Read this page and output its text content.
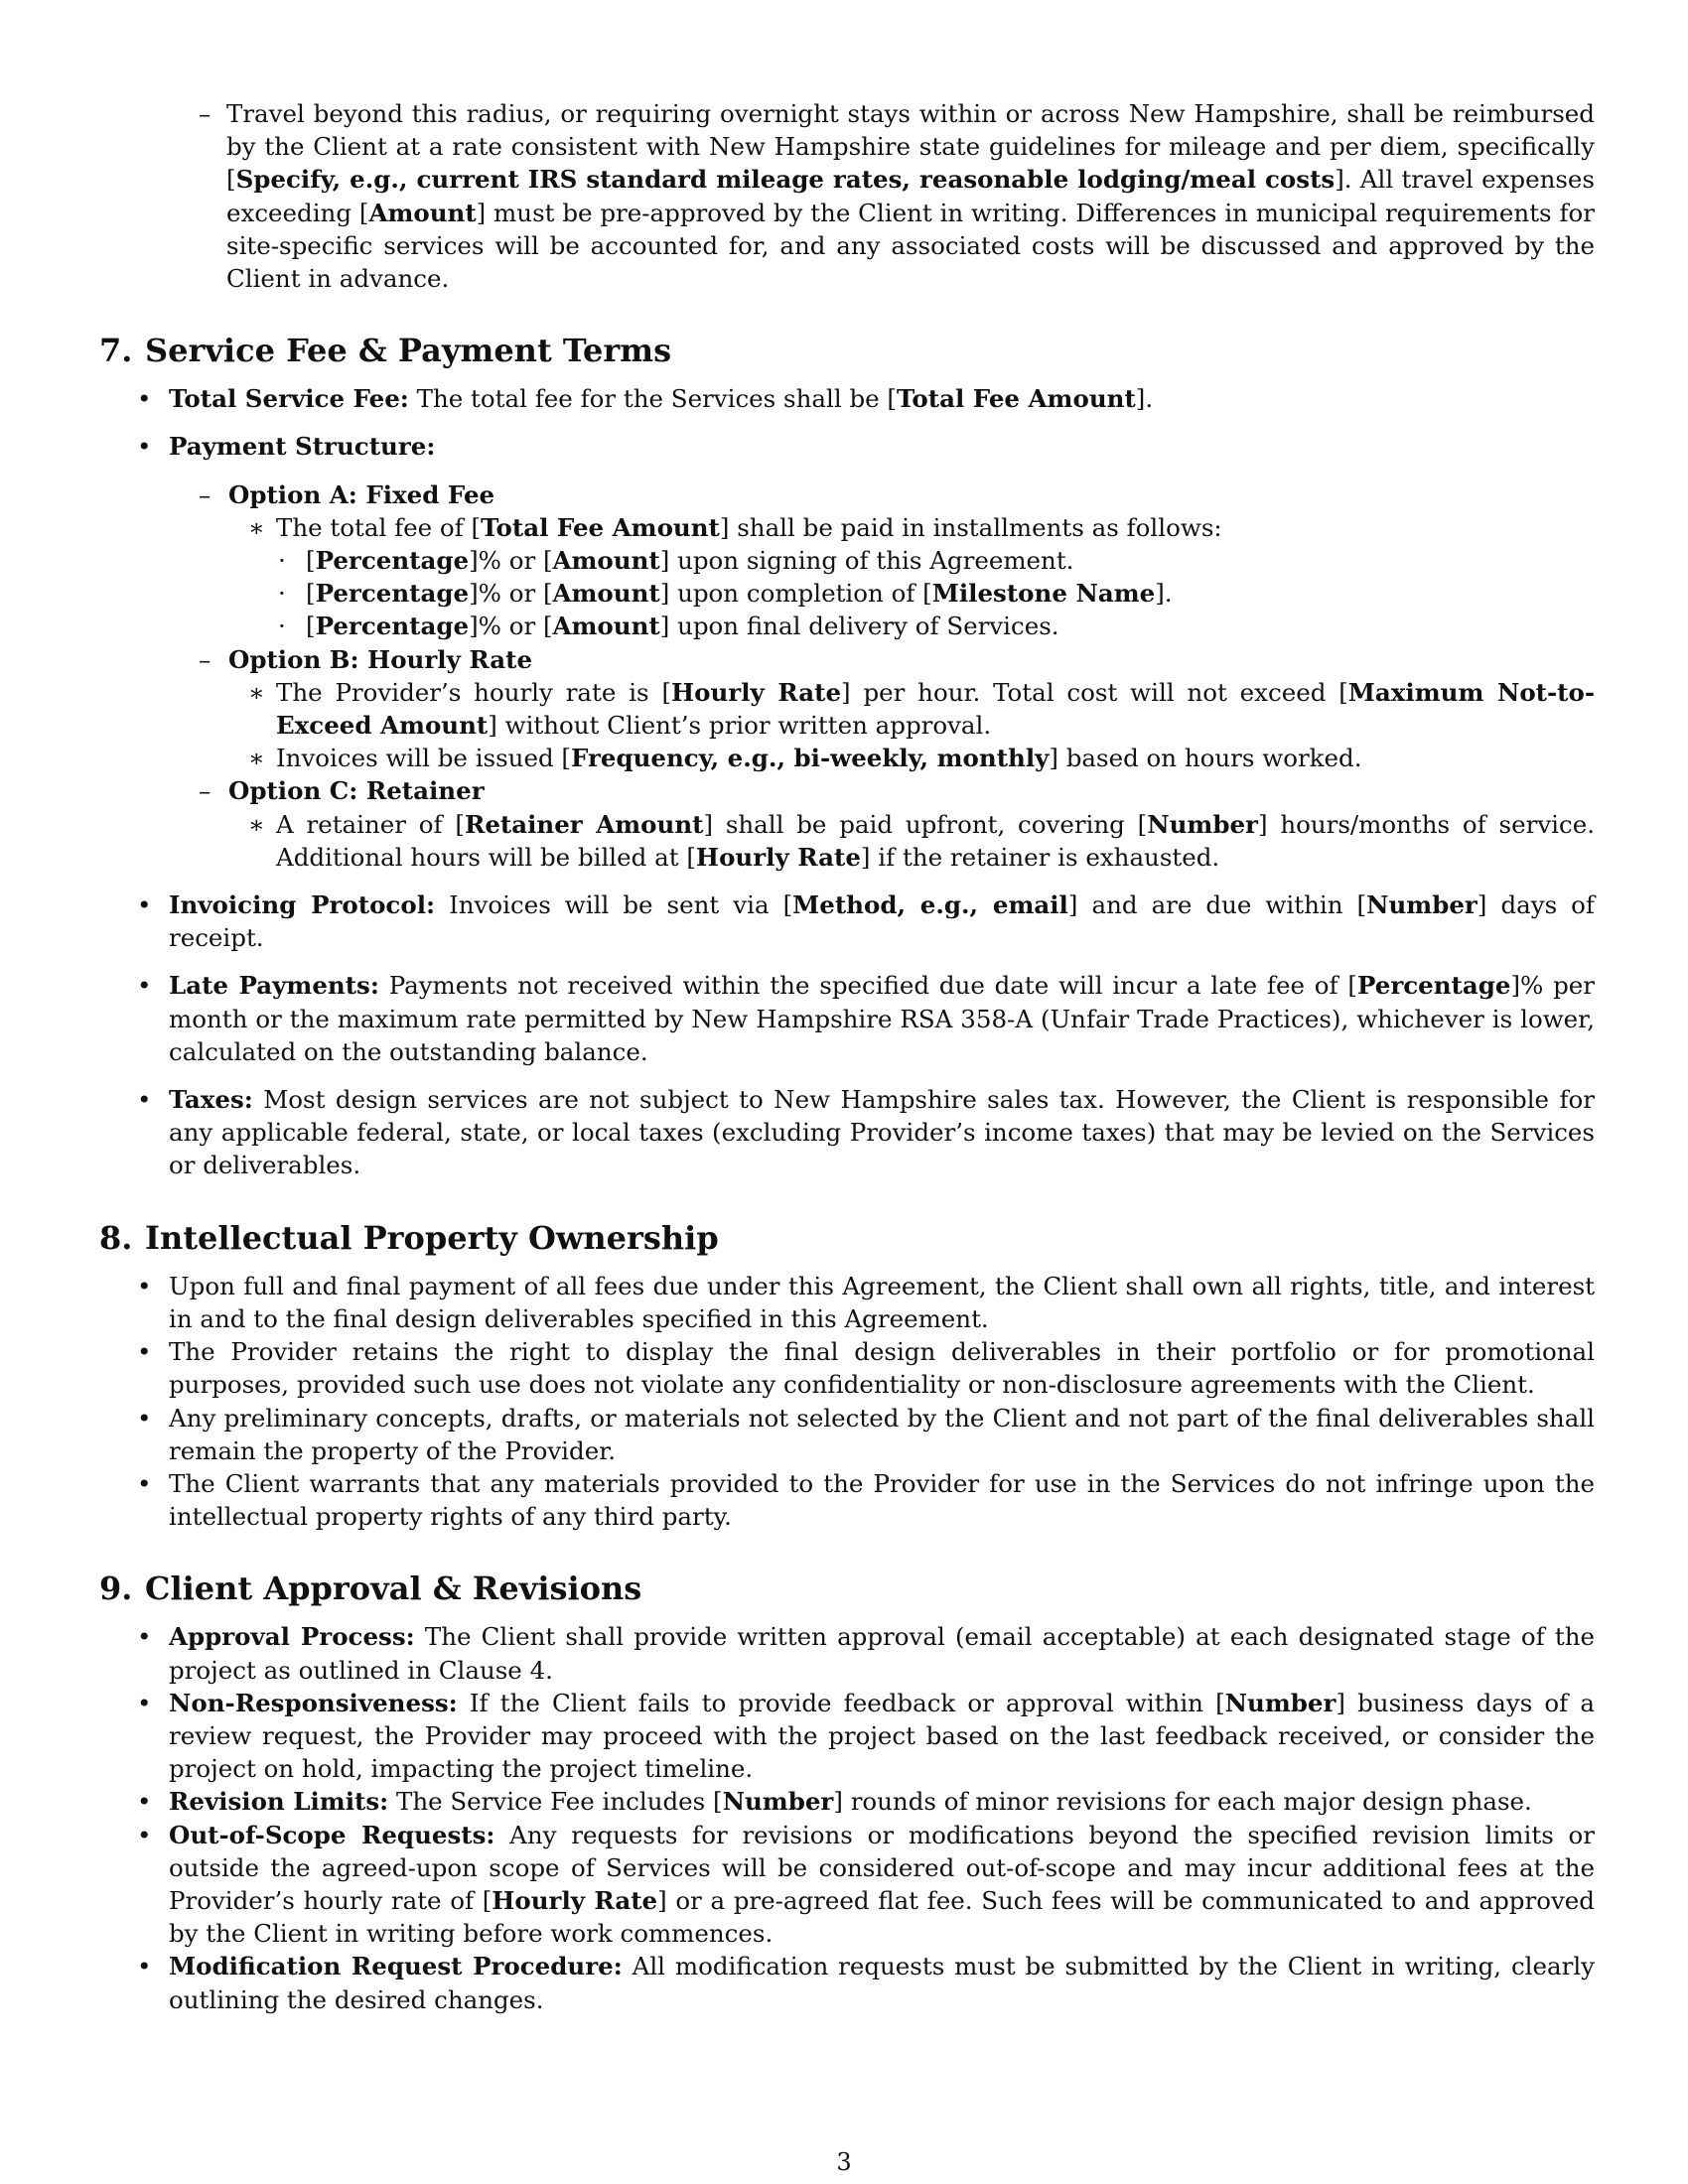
– Travel beyond this radius, or requiring overnight stays within or across New Hampshire, shall be reimbursed by the Client at a rate consistent with New Hampshire state guidelines for mileage and per diem, specifically [Specify, e.g., current IRS standard mileage rates, reasonable lodging/meal costs]. All travel expenses exceeding [Amount] must be pre-approved by the Client in writing. Differences in municipal requirements for site-specific services will be accounted for, and any associated costs will be discussed and approved by the Client in advance.

7. Service Fee & Payment Terms
• Total Service Fee: The total fee for the Services shall be [Total Fee Amount].
• Payment Structure:
– Option A: Fixed Fee
∗ The total fee of [Total Fee Amount] shall be paid in installments as follows:
· [Percentage]% or [Amount] upon signing of this Agreement.
· [Percentage]% or [Amount] upon completion of [Milestone Name].
· [Percentage]% or [Amount] upon final delivery of Services.
– Option B: Hourly Rate
∗ The Provider’s hourly rate is [Hourly Rate] per hour. Total cost will not exceed [Maximum Not-to-Exceed Amount] without Client’s prior written approval.
∗ Invoices will be issued [Frequency, e.g., bi-weekly, monthly] based on hours worked.
– Option C: Retainer
∗ A retainer of [Retainer Amount] shall be paid upfront, covering [Number] hours/months of service. Additional hours will be billed at [Hourly Rate] if the retainer is exhausted.
• Invoicing Protocol: Invoices will be sent via [Method, e.g., email] and are due within [Number] days of receipt.
• Late Payments: Payments not received within the specified due date will incur a late fee of [Percentage]% per month or the maximum rate permitted by New Hampshire RSA 358-A (Unfair Trade Practices), whichever is lower, calculated on the outstanding balance.
• Taxes: Most design services are not subject to New Hampshire sales tax. However, the Client is responsible for any applicable federal, state, or local taxes (excluding Provider’s income taxes) that may be levied on the Services or deliverables.
8. Intellectual Property Ownership
• Upon full and final payment of all fees due under this Agreement, the Client shall own all rights, title, and interest in and to the final design deliverables specified in this Agreement.
• The Provider retains the right to display the final design deliverables in their portfolio or for promotional purposes, provided such use does not violate any confidentiality or non-disclosure agreements with the Client.
• Any preliminary concepts, drafts, or materials not selected by the Client and not part of the final deliverables shall remain the property of the Provider.
• The Client warrants that any materials provided to the Provider for use in the Services do not infringe upon the intellectual property rights of any third party.
9. Client Approval & Revisions
• Approval Process: The Client shall provide written approval (email acceptable) at each designated stage of the project as outlined in Clause 4.
• Non-Responsiveness: If the Client fails to provide feedback or approval within [Number] business days of a review request, the Provider may proceed with the project based on the last feedback received, or consider the project on hold, impacting the project timeline.
• Revision Limits: The Service Fee includes [Number] rounds of minor revisions for each major design phase.
• Out-of-Scope Requests: Any requests for revisions or modifications beyond the specified revision limits or outside the agreed-upon scope of Services will be considered out-of-scope and may incur additional fees at the Provider’s hourly rate of [Hourly Rate] or a pre-agreed flat fee. Such fees will be communicated to and approved by the Client in writing before work commences.
• Modification Request Procedure: All modification requests must be submitted by the Client in writing, clearly outlining the desired changes.
3
